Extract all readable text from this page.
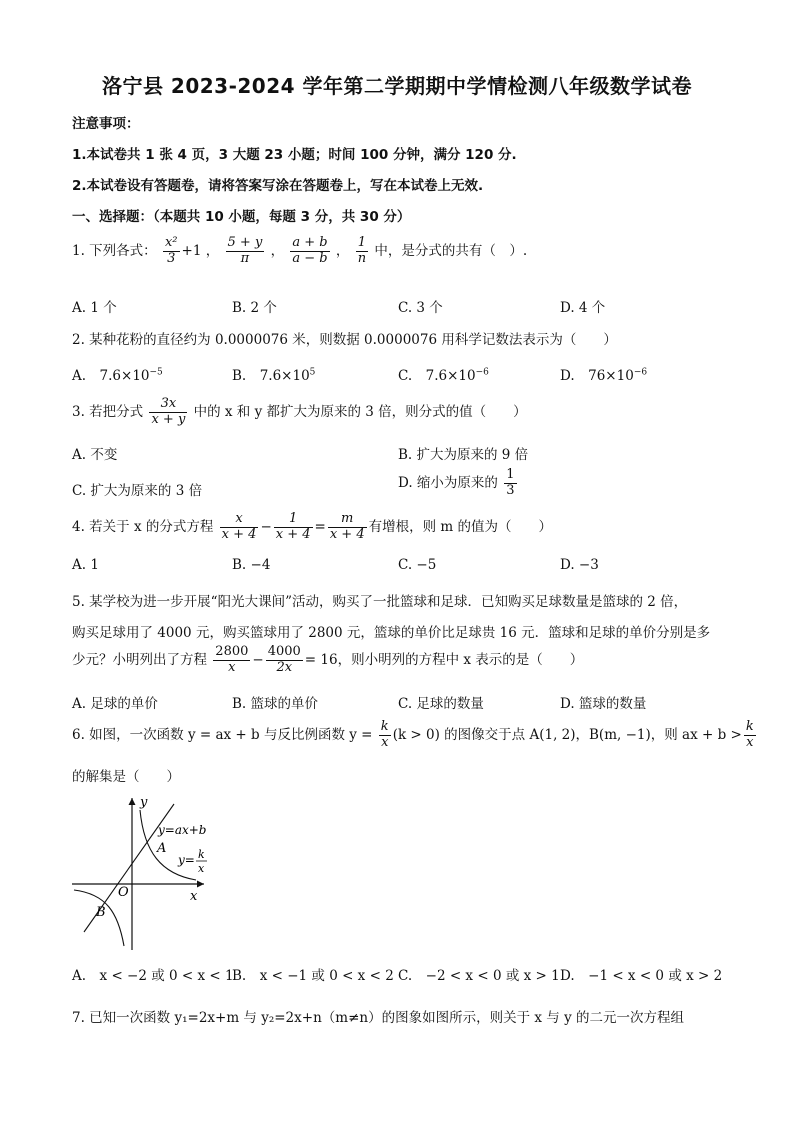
洛宁县 2023-2024 学年第二学期期中学情检测八年级数学试卷
注意事项：
1.本试卷共 1 张 4 页，3 大题 23 小题；时间 100 分钟，满分 120 分.
2.本试卷设有答题卷，请将答案写涂在答题卷上，写在本试卷上无效.
一、选择题：（本题共 10 小题，每题 3 分，共 30 分）
1. 下列各式： $\frac{\text{x²}}{3} +1$ ， $\frac{5 + y}{\pi}$ ， $\frac{a + b}{a - b}$ ， $\frac{1}{n}$ 中，是分式的共有（　）.
A. 1 个	B. 2 个	C. 3 个	D. 4 个
2. 某种花粉的直径约为 0.0000076 米，则数据 0.0000076 用科学记数法表示为（　　）
A.　$7.6\times 10^{-5}$	B.　$7.6\times 10^5$	C.　$7.6\times 10^{-6}$	D.　$76\times 10^{-6}$
3. 若把分式 $\frac{3x}{x + y}$ 中的 x 和 y 都扩大为原来的 3 倍，则分式的值（　　）
A. 不变	B. 扩大为原来的 9 倍
C. 扩大为原来的 3 倍
D. 缩小为原来的 $\frac{1}{3}$
4. 若关于 x 的分式方程 $\frac{x}{x + 4} - \frac{1}{x + 4} = \frac{m}{x + 4}$ 有增根，则 m 的值为（　　）
A. 1	B. −4	C. −5	D. −3
5. 某学校为进一步开展“阳光大课间”活动，购买了一批篮球和足球．已知购买足球数量是篮球的 2 倍，
购买足球用了 4000 元，购买篮球用了 2800 元，篮球的单价比足球贵 16 元．篮球和足球的单价分别是多
少元？小明列出了方程 $\frac{2800}{x} - \frac{4000}{2x} = 16$，则小明列的方程中 x 表示的是（　　）
A. 足球的单价	B. 篮球的单价	C. 足球的数量	D. 篮球的数量
6. 如图，一次函数 y = ax + b 与反比例函数 $y = \frac{k}{x} (k > 0)$ 的图像交于点 A(1, 2)，B(m, −1)，则 ax + $b > \frac{k}{x}$
的解集是（　　）
y
x
O
y=ax+b
y= k
x
A
B
A.　x < −2 或 0 < x < 1
B.　x < −1 或 0 < x < 2 C.　−2 < x < 0 或 x > 1 D.　−1 < x < 0 或 x > 2
7. 已知一次函数 y₁=2x+m 与 y₂=2x+n（m≠n）的图象如图所示，则关于 x 与 y 的二元一次方程组
